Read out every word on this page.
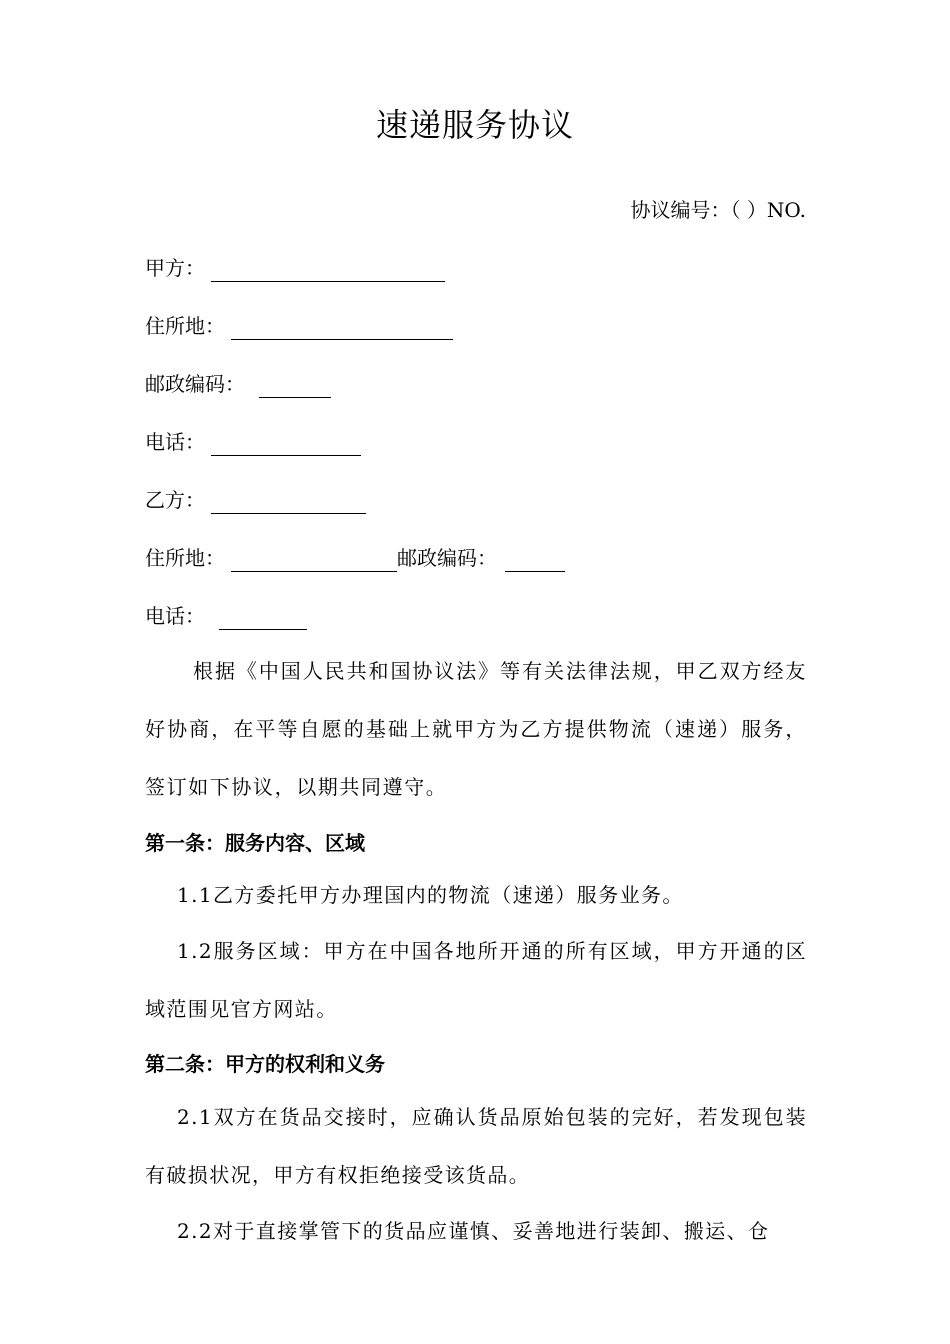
速递服务协议
协议编号：（ ）NO.
甲方：
住所地：
邮政编码：
电话：
乙方：
住所地：	邮政编码：
电话：
根据《中国人民共和国协议法》等有关法律法规，甲乙双方经友好协商，在平等自愿的基础上就甲方为乙方提供物流（速递）服务，签订如下协议，以期共同遵守。
第一条：服务内容、区域
1.1乙方委托甲方办理国内的物流（速递）服务业务。
1.2服务区域：甲方在中国各地所开通的所有区域，甲方开通的区域范围见官方网站。
第二条：甲方的权利和义务
2.1双方在货品交接时，应确认货品原始包装的完好，若发现包装有破损状况，甲方有权拒绝接受该货品。
2.2对于直接掌管下的货品应谨慎、妥善地进行装卸、搬运、仓
